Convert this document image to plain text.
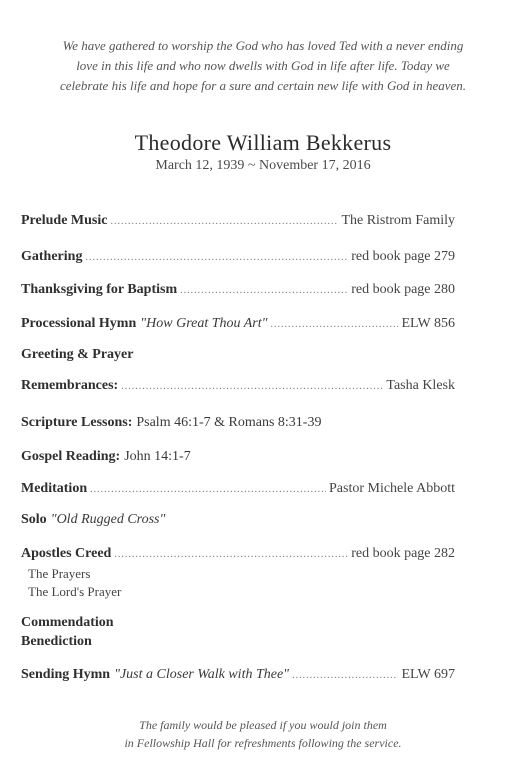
We have gathered to worship the God who has loved Ted with a never ending
love in this life and who now dwells with God in life after life. Today we
celebrate his life and hope for a sure and certain new life with God in heaven.
Theodore William Bekkerus
March 12, 1939 ~ November 17, 2016
Prelude Music .....	The Ristrom Family
Gathering .....	red book page 279
Thanksgiving for Baptism .....	red book page 280
Processional Hymn "How Great Thou Art" .....	ELW 856
Greeting & Prayer
Remembrances: .....	Tasha Klesk
Scripture Lessons: Psalm 46:1-7 & Romans 8:31-39
Gospel Reading: John 14:1-7
Meditation .....	Pastor Michele Abbott
Solo "Old Rugged Cross"
Apostles Creed .....	red book page 282
The Prayers
The Lord's Prayer
Commendation
Benediction
Sending Hymn "Just a Closer Walk with Thee" .....	ELW 697
The family would be pleased if you would join them
in Fellowship Hall for refreshments following the service.
